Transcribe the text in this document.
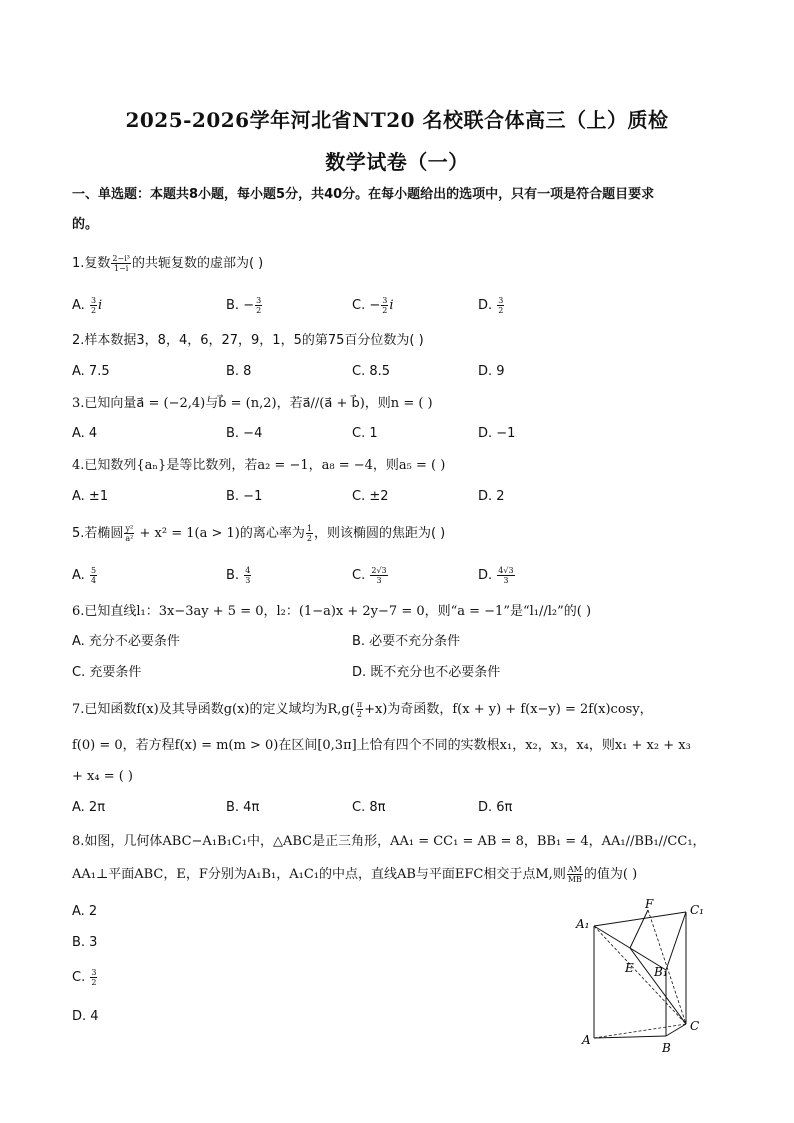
2025-2026学年河北省NT20 名校联合体高三（上）质检
数学试卷（一）
一、单选题：本题共8小题，每小题5分，共40分。在每小题给出的选项中，只有一项是符合题目要求
的。
1.复数 $\frac{\text{2−i³}}{1-i}$ 的共轭复数的虚部为( )
A. $\frac{3}{2}$ i	B. − $\frac{3}{2}$	C. − $\frac{3}{2}$ i	D. $\frac{3}{2}$
2.样本数据3，8，4，6，27，9，1，5的第75百分位数为( )
A. 7.5	B. 8	C. 8.5	D. 9
3.已知向量a⃗ = (−2,4)与b⃗ = (n,2)，若a⃗//(a⃗ + b⃗)，则n = ( )
A. 4	B. −4	C. 1	D. −1
4.已知数列{aₙ}是等比数列，若a₂ = −1，a₈ = −4，则a₅ = ( )
A. ±1	B. −1	C. ±2	D. 2
5.若椭圆 $\frac{\text{y²}}{\text{a²}} + x^2 = 1(a > 1)$的离心率为 $\frac{1}{2}$ ，则该椭圆的焦距为( )
A. $\frac{5}{4}$	B. $\frac{4}{3}$	C. $\frac{2√3}{3}$	D. $\frac{4√3}{3}$
6.已知直线l₁：3x−3ay + 5 = 0，l₂：(1−a)x + 2y−7 = 0，则“a = −1”是“l₁//l₂”的( )
A. 充分不必要条件	B. 必要不充分条件
C. 充要条件	D. 既不充分也不必要条件
7.已知函数f(x)及其导函数g(x)的定义域均为$R,g( \frac{\pi}{2} +x)$为奇函数，f(x + y) + f(x−y) = 2f(x)cosy，
f(0) = 0，若方程f(x) = m(m > 0)在区间[0,3π]上恰有四个不同的实数根x₁，x₂，x₃，x₄，则x₁ + x₂ + x₃
+ x₄ = ( )
A. 2π	B. 4π	C. 8π	D. 6π
8.如图，几何体ABC−A₁B₁C₁中，△ABC是正三角形，AA₁ = CC₁ = AB = 8，BB₁ = 4，AA₁//BB₁//CC₁，
AA₁⊥平面ABC，E，F分别为A₁B₁，A₁C₁的中点，直线AB与平面EFC相交于点M,则 $\frac{AM}{MB}$ 的值为( )
A. 2
B. 3
C. $\frac{3}{2}$
D. 4
A₁
F	C₁
E B₁
A
B
C
